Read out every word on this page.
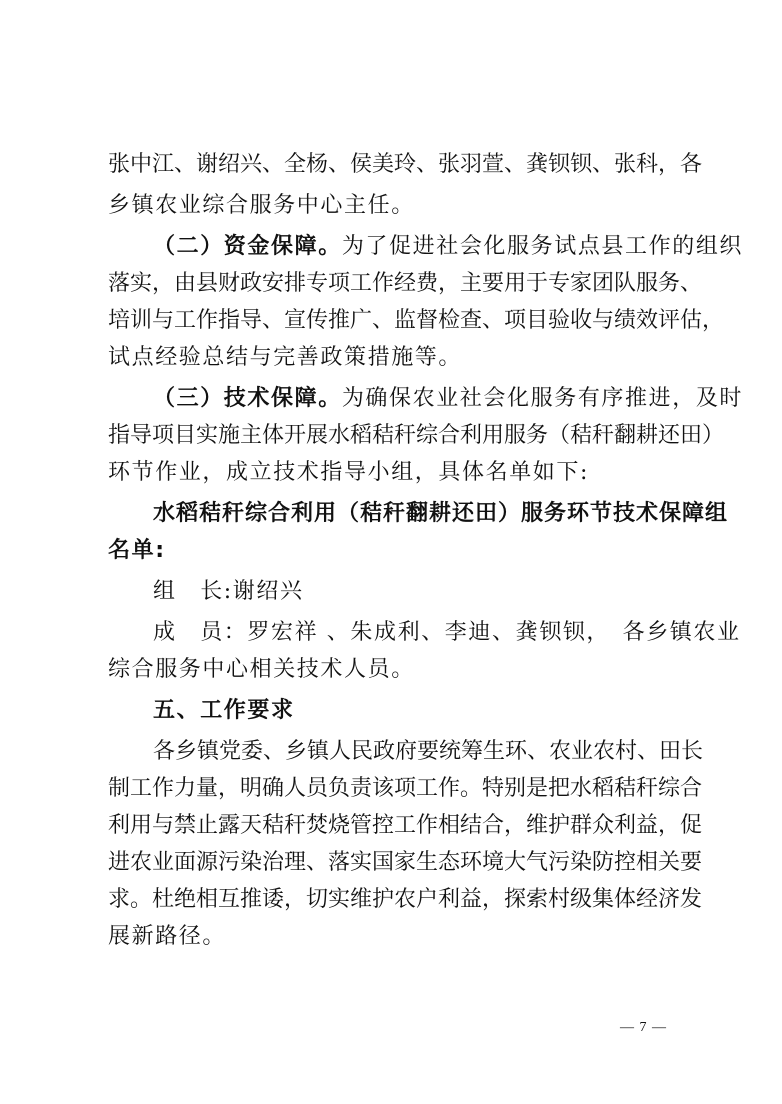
张中江、谢绍兴、全杨、侯美玲、张羽萱、龚钡钡、张科，各
乡镇农业综合服务中心主任。
（二）资金保障。为了促进社会化服务试点县工作的组织
落实，由县财政安排专项工作经费，主要用于专家团队服务、
培训与工作指导、宣传推广、监督检查、项目验收与绩效评估，
试点经验总结与完善政策措施等。
（三）技术保障。为确保农业社会化服务有序推进，及时
指导项目实施主体开展水稻秸秆综合利用服务（秸秆翻耕还田）
环节作业，成立技术指导小组，具体名单如下:
水稻秸秆综合利用（秸秆翻耕还田）服务环节技术保障组
名单:
组　长:谢绍兴
成　员：罗宏祥 、朱成利、李迪、龚钡钡，　各乡镇农业
综合服务中心相关技术人员。
五、工作要求
各乡镇党委、乡镇人民政府要统筹生环、农业农村、田长
制工作力量，明确人员负责该项工作。特别是把水稻秸秆综合
利用与禁止露天秸秆焚烧管控工作相结合，维护群众利益，促
进农业面源污染治理、落实国家生态环境大气污染防控相关要
求。杜绝相互推诿，切实维护农户利益，探索村级集体经济发
展新路径。
— 7 —
